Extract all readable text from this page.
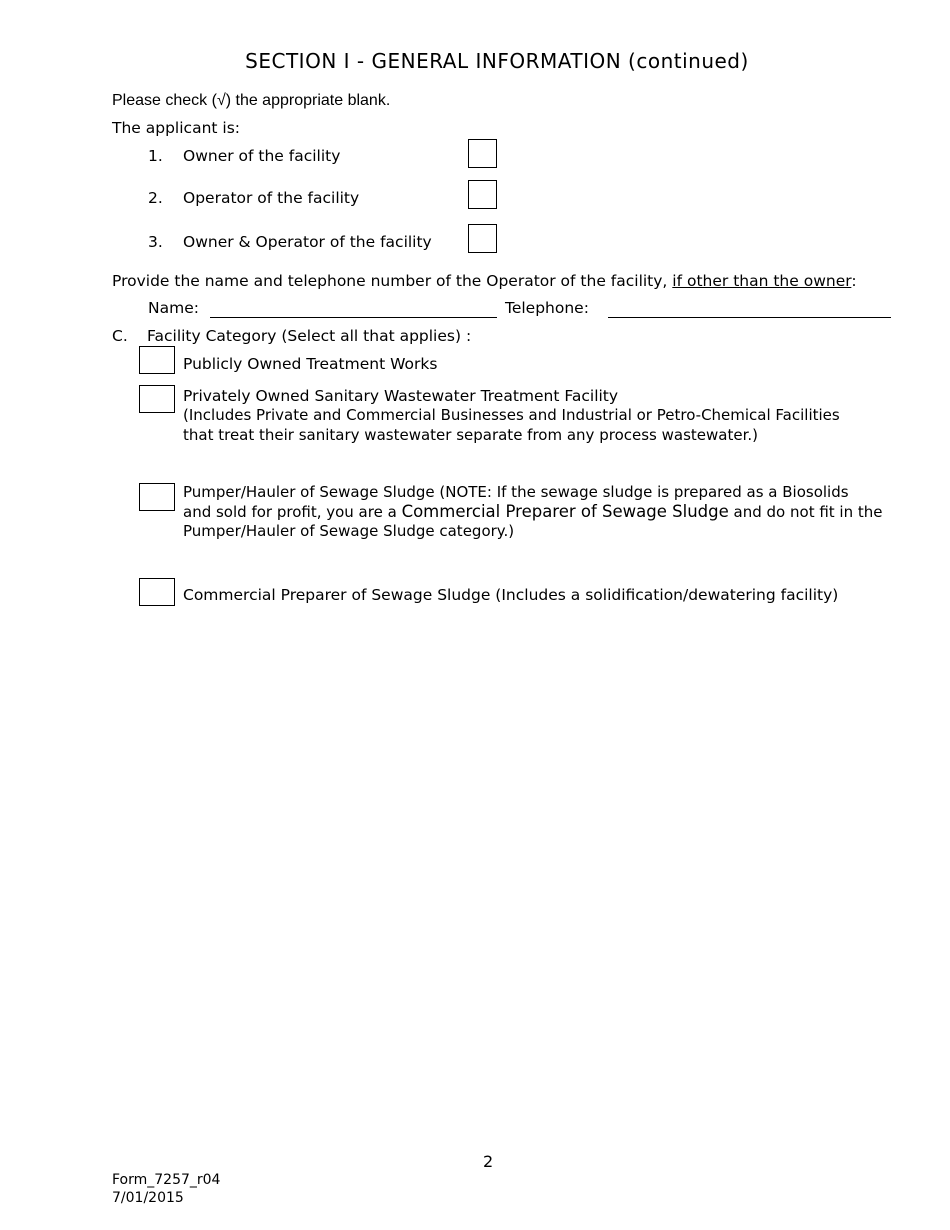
SECTION I - GENERAL INFORMATION (continued)
Please check (√) the appropriate blank.
The applicant is:
1. Owner of the facility
2. Operator of the facility
3. Owner & Operator of the facility
Provide the name and telephone number of the Operator of the facility, if other than the owner:
Name:	Telephone:
C. Facility Category (Select all that applies) :
Publicly Owned Treatment Works
Privately Owned Sanitary Wastewater Treatment Facility
(Includes Private and Commercial Businesses and Industrial or Petro-Chemical Facilities
that treat their sanitary wastewater separate from any process wastewater.)
Pumper/Hauler of Sewage Sludge (NOTE: If the sewage sludge is prepared as a Biosolids
and sold for profit, you are a Commercial Preparer of Sewage Sludge and do not fit in the
Pumper/Hauler of Sewage Sludge category.)
Commercial Preparer of Sewage Sludge (Includes a solidification/dewatering facility)
2
Form_7257_r04
7/01/2015
